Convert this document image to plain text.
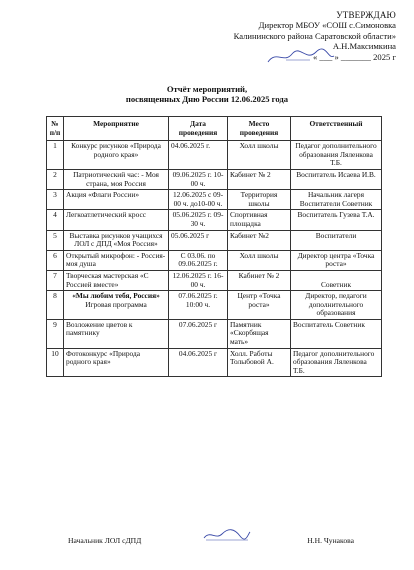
УТВЕРЖДАЮ
Директор МБОУ «СОШ с.Симоновка
Калининского района Саратовской области»
А.Н.Максимкина
« ___ » _______ 2025 г
Отчёт мероприятий,
посвященных Дню России 12.06.2025 года
№ п/п	Мероприятие	Дата проведения	Место проведения	Ответственный
1	Конкурс рисунков «Природа родного края»	04.06.2025 г.	Холл школы	Педагог дополнительного образования Ляленкова Т.Б.
2	Патриотический час: - Моя страна, моя Россия	09.06.2025 г. 10-00 ч.	Кабинет № 2	Воспитатель Исаева И.В.
3	Акция «Флаги России»	12.06.2025 с 09-00 ч. до10-00 ч.	Территория школы	Начальник лагеря Воспитатели Советник
4	Легкоатлетический кросс	05.06.2025 г. 09-30 ч.	Спортивная площадка	Воспитатель Гузева Т.А.
5	Выставка рисунков учащихся ЛОЛ с ДПД «Моя Россия»	05.06.2025 г	Кабинет №2	Воспитатели
6	Открытый микрофон: - Россия- моя душа	С 03.06. по 09.06.2025 г.	Холл школы	Директор центра «Точка роста»
7	Творческая мастерская «С Россией вместе»	12.06.2025 г. 16-00 ч.	Кабинет № 2	Советник
8	«Мы любим тебя, Россия»
Игровая программа	07.06.2025 г. 10:00 ч.	Центр «Точка роста»	Директор, педагоги дополнительного образования
9	Возложение цветов к памятнику	07.06.2025 г	Памятник «Скорбящая мать»	Воспитатель Советник
10	Фотоконкурс «Природа родного края»	04.06.2025 г	Холл. Работы Толыбовой А.	Педагог дополнительного образования Ляленкова Т.Б.
Начальник ЛОЛ сДПД	Н.Н. Чунакова
